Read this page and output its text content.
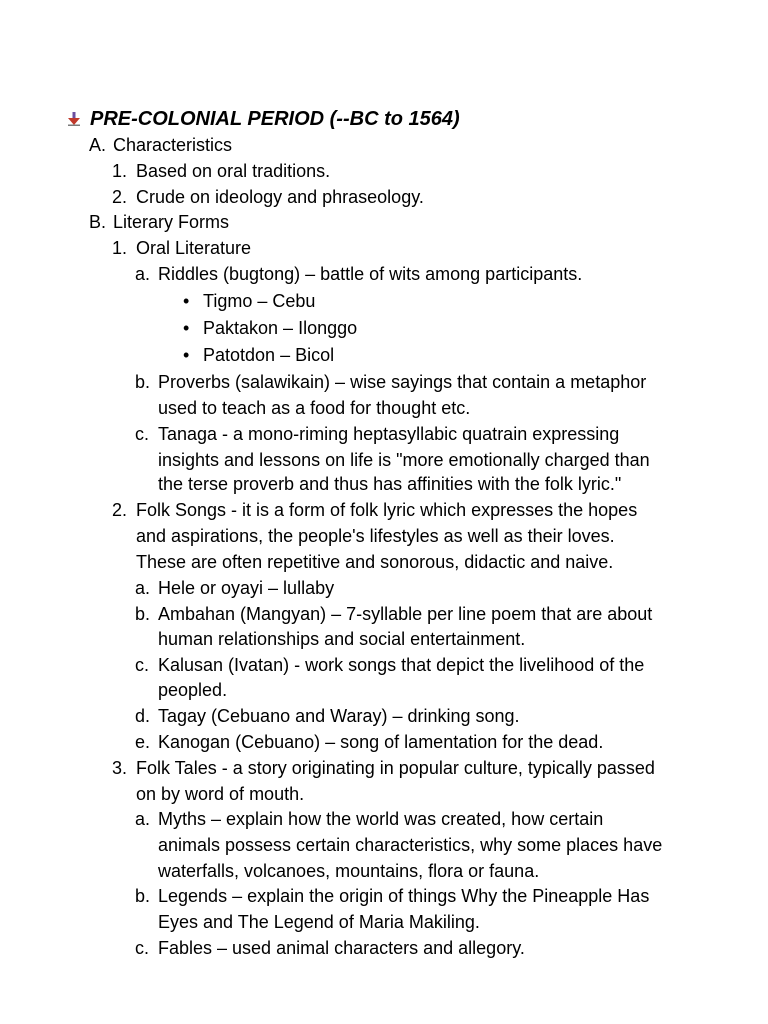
PRE-COLONIAL PERIOD (--BC to 1564)
A. Characteristics
1. Based on oral traditions.
2. Crude on ideology and phraseology.
B. Literary Forms
1. Oral Literature
a. Riddles (bugtong) – battle of wits among participants.
• Tigmo – Cebu
• Paktakon – Ilonggo
• Patotdon – Bicol
b. Proverbs (salawikain) – wise sayings that contain a metaphor
used to teach as a food for thought etc.
c. Tanaga - a mono-riming heptasyllabic quatrain expressing
insights and lessons on life is "more emotionally charged than
the terse proverb and thus has affinities with the folk lyric."
2. Folk Songs - it is a form of folk lyric which expresses the hopes
and aspirations, the people's lifestyles as well as their loves.
These are often repetitive and sonorous, didactic and naive.
a. Hele or oyayi – lullaby
b. Ambahan (Mangyan) – 7-syllable per line poem that are about
human relationships and social entertainment.
c. Kalusan (Ivatan) - work songs that depict the livelihood of the
peopled.
d. Tagay (Cebuano and Waray) – drinking song.
e. Kanogan (Cebuano) – song of lamentation for the dead.
3. Folk Tales - a story originating in popular culture, typically passed
on by word of mouth.
a. Myths – explain how the world was created, how certain
animals possess certain characteristics, why some places have
waterfalls, volcanoes, mountains, flora or fauna.
b. Legends – explain the origin of things Why the Pineapple Has
Eyes and The Legend of Maria Makiling.
c. Fables – used animal characters and allegory.
